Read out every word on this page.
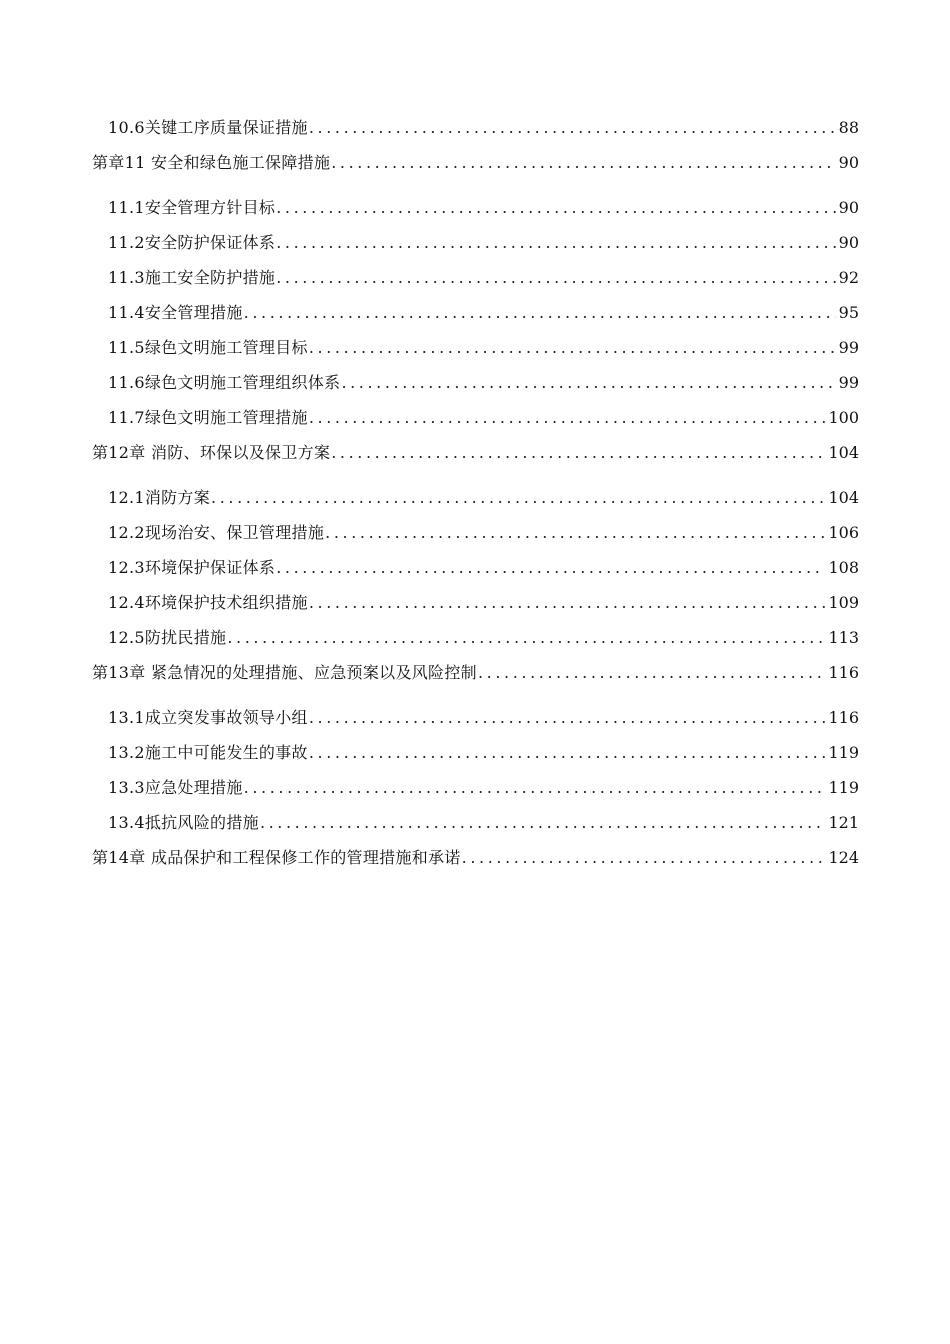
10.6关键工序质量保证措施 .....	88
第章11 安全和绿色施工保障措施 .....	90
11.1安全管理方针目标 .....	90
11.2安全防护保证体系 .....	90
11.3施工安全防护措施 .....	92
11.4安全管理措施 .....	95
11.5绿色文明施工管理目标 .....	99
11.6绿色文明施工管理组织体系 .....	99
11.7绿色文明施工管理措施 .....	100
第12章 消防、环保以及保卫方案 .....	104
12.1消防方案 .....	104
12.2现场治安、保卫管理措施 .....	106
12.3环境保护保证体系 .....	108
12.4环境保护技术组织措施 .....	109
12.5防扰民措施 .....	113
第13章 紧急情况的处理措施、应急预案以及风险控制 .....	116
13.1成立突发事故领导小组 .....	116
13.2施工中可能发生的事故 .....	119
13.3应急处理措施 .....	119
13.4抵抗风险的措施 .....	121
第14章 成品保护和工程保修工作的管理措施和承诺 .....	124
